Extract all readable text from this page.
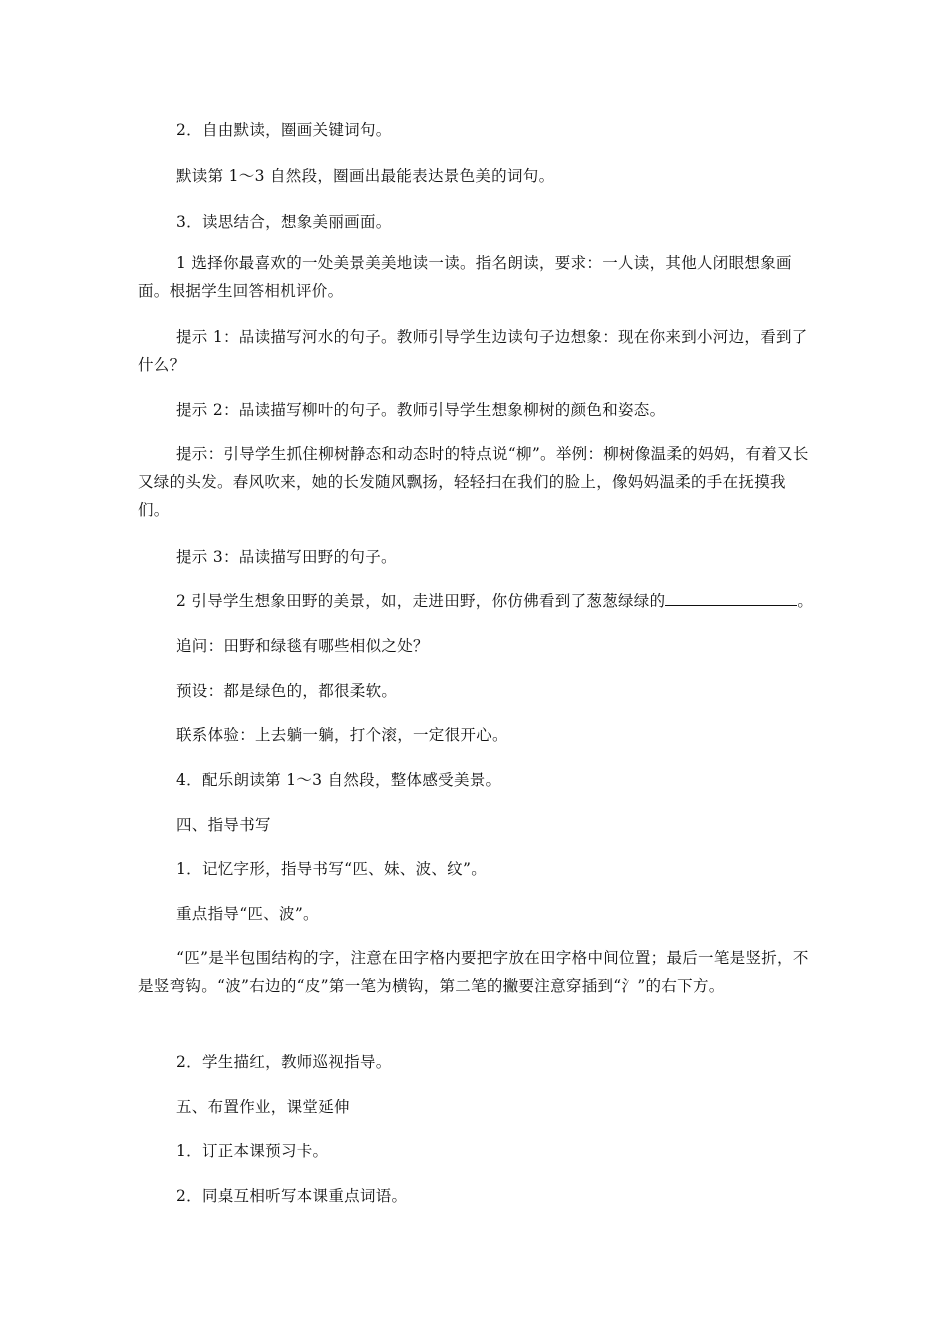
2．自由默读，圈画关键词句。

默读第 1～3 自然段，圈画出最能表达景色美的词句。

3．读思结合，想象美丽画面。

1 选择你最喜欢的一处美景美美地读一读。指名朗读，要求：一人读，其他人闭眼想象画面。根据学生回答相机评价。

提示 1：品读描写河水的句子。教师引导学生边读句子边想象：现在你来到小河边，看到了什么？

提示 2：品读描写柳叶的句子。教师引导学生想象柳树的颜色和姿态。

提示：引导学生抓住柳树静态和动态时的特点说“柳”。举例：柳树像温柔的妈妈，有着又长又绿的头发。春风吹来，她的长发随风飘扬，轻轻扫在我们的脸上，像妈妈温柔的手在抚摸我们。

提示 3：品读描写田野的句子。

2 引导学生想象田野的美景，如，走进田野，你仿佛看到了葱葱绿绿的	。

追问：田野和绿毯有哪些相似之处？

预设：都是绿色的，都很柔软。

联系体验：上去躺一躺，打个滚，一定很开心。

4．配乐朗读第 1～3 自然段，整体感受美景。

四、指导书写

1．记忆字形，指导书写“匹、妹、波、纹”。

重点指导“匹、波”。

“匹”是半包围结构的字，注意在田字格内要把字放在田字格中间位置；最后一笔是竖折，不是竖弯钩。“波”右边的“皮”第一笔为横钩，第二笔的撇要注意穿插到“氵”的右下方。

2．学生描红，教师巡视指导。

五、布置作业，课堂延伸

1．订正本课预习卡。

2．同桌互相听写本课重点词语。
